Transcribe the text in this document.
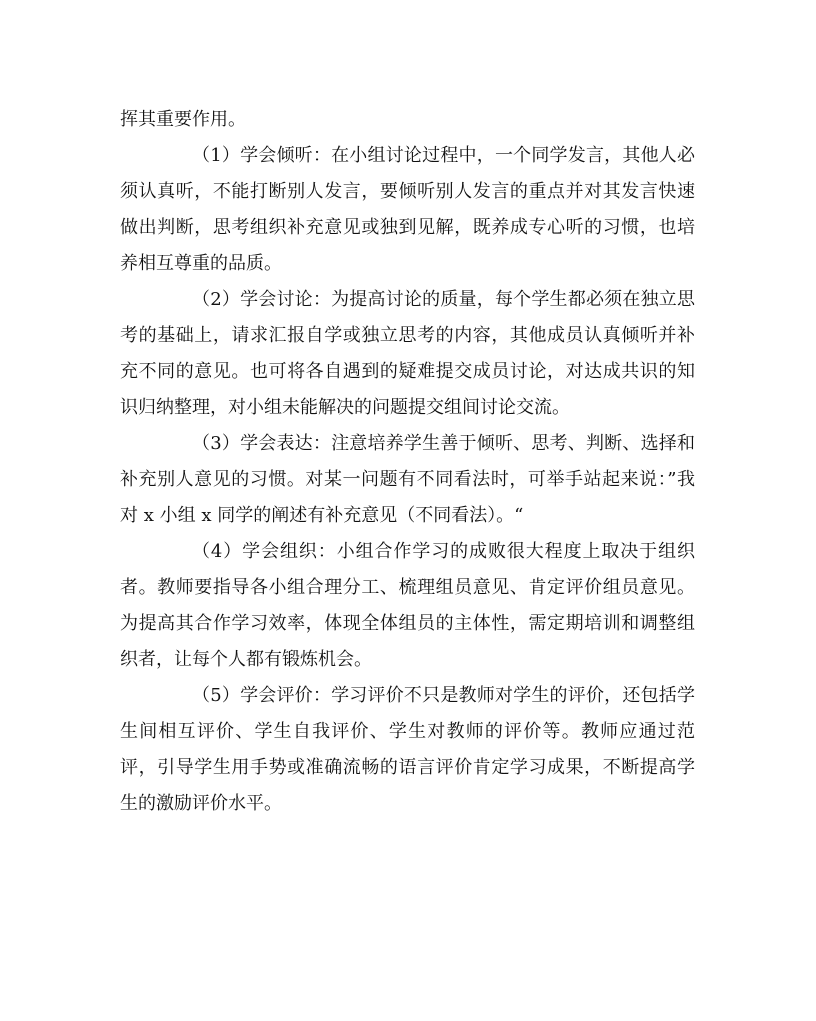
挥其重要作用。

（1）学会倾听：在小组讨论过程中，一个同学发言，其他人必须认真听，不能打断别人发言，要倾听别人发言的重点并对其发言快速做出判断，思考组织补充意见或独到见解，既养成专心听的习惯，也培养相互尊重的品质。

（2）学会讨论：为提高讨论的质量，每个学生都必须在独立思考的基础上，请求汇报自学或独立思考的内容，其他成员认真倾听并补充不同的意见。也可将各自遇到的疑难提交成员讨论，对达成共识的知识归纳整理，对小组未能解决的问题提交组间讨论交流。

（3）学会表达：注意培养学生善于倾听、思考、判断、选择和补充别人意见的习惯。对某一问题有不同看法时，可举手站起来说：”我对 x 小组 x 同学的阐述有补充意见（不同看法）。“

（4）学会组织：小组合作学习的成败很大程度上取决于组织者。教师要指导各小组合理分工、梳理组员意见、肯定评价组员意见。为提高其合作学习效率，体现全体组员的主体性，需定期培训和调整组织者，让每个人都有锻炼机会。

（5）学会评价：学习评价不只是教师对学生的评价，还包括学生间相互评价、学生自我评价、学生对教师的评价等。教师应通过范评，引导学生用手势或准确流畅的语言评价肯定学习成果，不断提高学生的激励评价水平。
